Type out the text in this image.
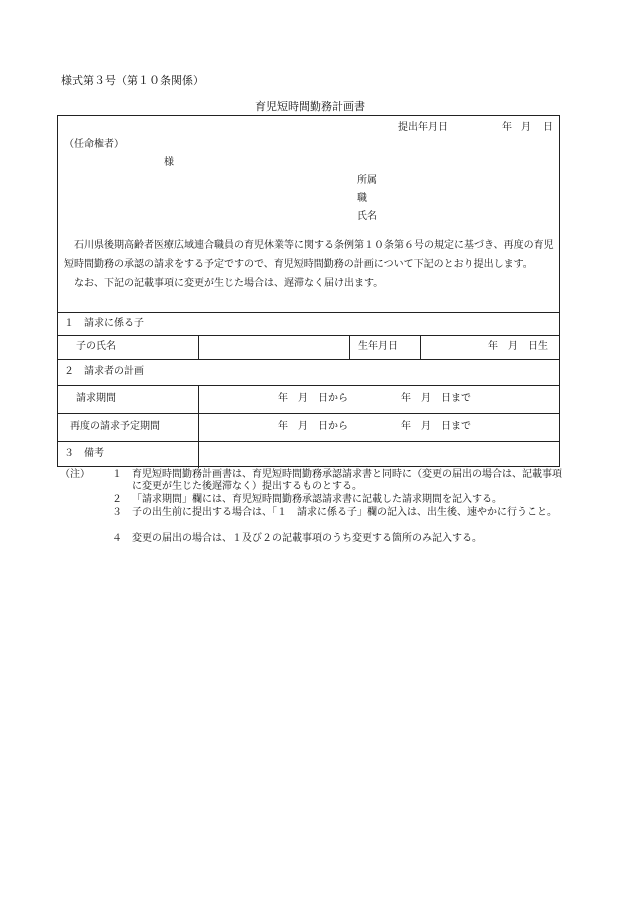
様式第３号（第１０条関係）
育児短時間勤務計画書
提出年月日	年 月 日
（任命権者）
様
所属
職
氏名

石川県後期高齢者医療広域連合職員の育児休業等に関する条例第１０条第６号の規定に基づき、再度の育児短時間勤務の承認の請求をする予定ですので、育児短時間勤務の計画について下記のとおり提出します。

なお、下記の記載事項に変更が生じた場合は、遅滞なく届け出ます。

１　請求に係る子
子の氏名	生年月日	年　月　日生
２　請求者の計画
請求期間	年　月　日から	年　月　日まで
再度の請求予定期間	年　月　日から	年　月　日まで
３　備考
（注） １ 育児短時間勤務計画書は、育児短時間勤務承認請求書と同時に（変更の届出の場合は、記載事項に変更が生じた後遅滞なく）提出するものとする。
２ 「請求期間」欄には、育児短時間勤務承認請求書に記載した請求期間を記入する。
３ 子の出生前に提出する場合は、「１　請求に係る子」欄の記入は、出生後、速やかに行うこと。
４ 変更の届出の場合は、１及び２の記載事項のうち変更する箇所のみ記入する。
